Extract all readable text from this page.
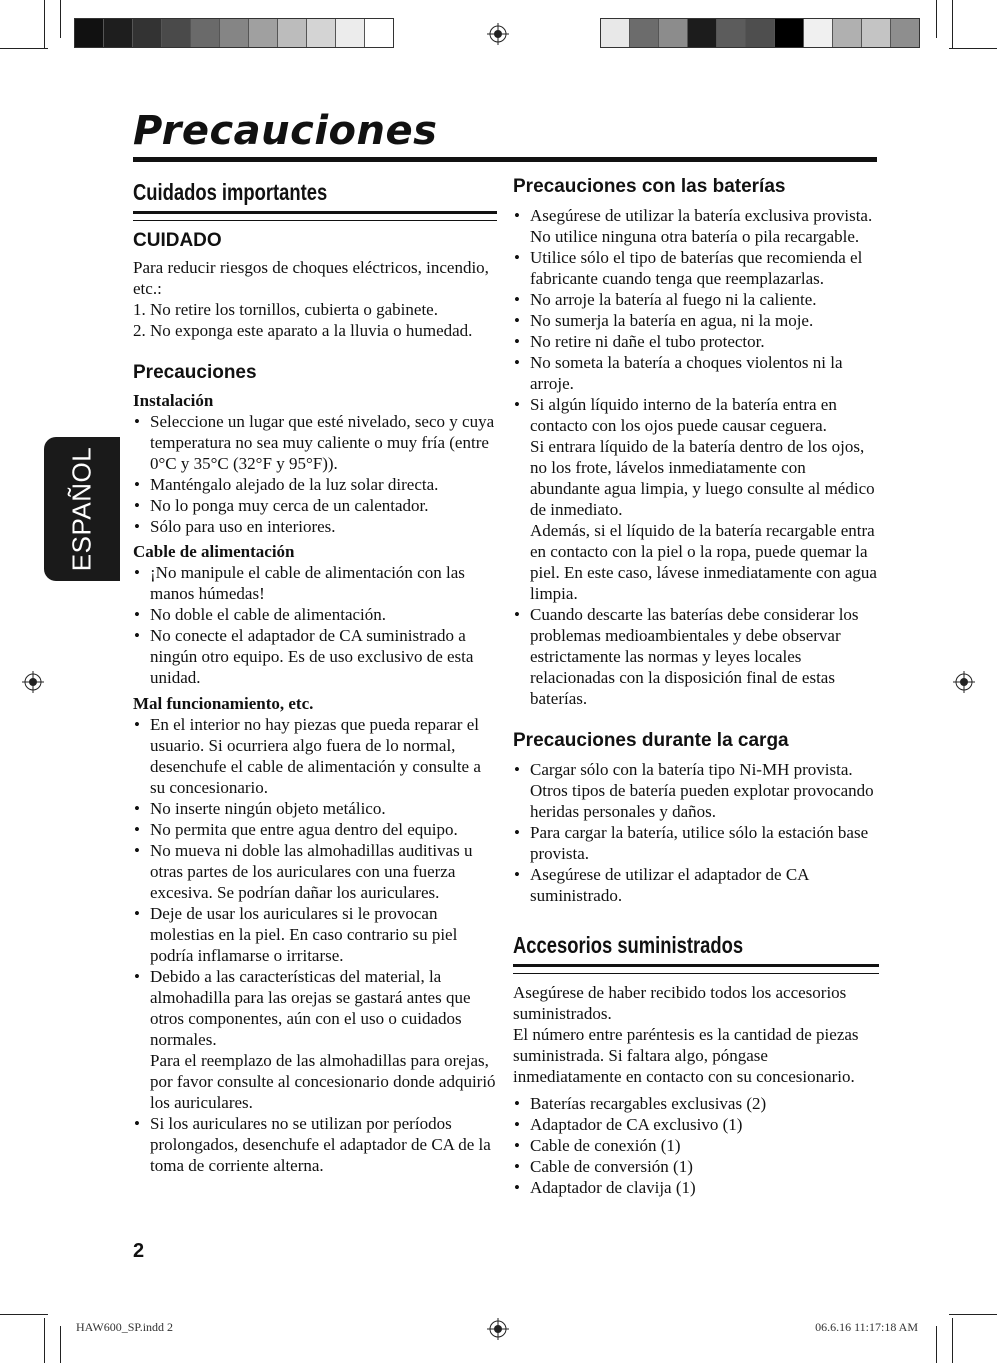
Precauciones
ESPAÑOL
Cuidados importantes
CUIDADO

Para reducir riesgos de choques eléctricos, incendio, etc.:

1. No retire los tornillos, cubierta o gabinete.
2. No exponga este aparato a la lluvia o humedad.
Precauciones
Instalación
• Seleccione un lugar que esté nivelado, seco y cuya temperatura no sea muy caliente o muy fría (entre 0°C y 35°C (32°F y 95°F)).
• Manténgalo alejado de la luz solar directa.
• No lo ponga muy cerca de un calentador.
• Sólo para uso en interiores.
Cable de alimentación
• ¡No manipule el cable de alimentación con las manos húmedas!
• No doble el cable de alimentación.
• No conecte el adaptador de CA suministrado a ningún otro equipo. Es de uso exclusivo de esta unidad.
Mal funcionamiento, etc.
• En el interior no hay piezas que pueda reparar el usuario. Si ocurriera algo fuera de lo normal, desenchufe el cable de alimentación y consulte a su concesionario.
• No inserte ningún objeto metálico.
• No permita que entre agua dentro del equipo.
• No mueva ni doble las almohadillas auditivas u otras partes de los auriculares con una fuerza excesiva. Se podrían dañar los auriculares.
• Deje de usar los auriculares si le provocan molestias en la piel. En caso contrario su piel podría inflamarse o irritarse.
• Debido a las características del material, la almohadilla para las orejas se gastará antes que otros componentes, aún con el uso o cuidados normales.
Para el reemplazo de las almohadillas para orejas, por favor consulte al concesionario donde adquirió los auriculares.
• Si los auriculares no se utilizan por períodos prolongados, desenchufe el adaptador de CA de la toma de corriente alterna.
Precauciones con las baterías
• Asegúrese de utilizar la batería exclusiva provista. No utilice ninguna otra batería o pila recargable.
• Utilice sólo el tipo de baterías que recomienda el fabricante cuando tenga que reemplazarlas.
• No arroje la batería al fuego ni la caliente.
• No sumerja la batería en agua, ni la moje.
• No retire ni dañe el tubo protector.
• No someta la batería a choques violentos ni la arroje.
• Si algún líquido interno de la batería entra en contacto con los ojos puede causar ceguera.
Si entrara líquido de la batería dentro de los ojos, no los frote, lávelos inmediatamente con abundante agua limpia, y luego consulte al médico de inmediato.
Además, si el líquido de la batería recargable entra en contacto con la piel o la ropa, puede quemar la piel. En este caso, lávese inmediatamente con agua limpia.
• Cuando descarte las baterías debe considerar los problemas medioambientales y debe observar estrictamente las normas y leyes locales relacionadas con la disposición final de estas baterías.
Precauciones durante la carga
• Cargar sólo con la batería tipo Ni-MH provista. Otros tipos de batería pueden explotar provocando heridas personales y daños.
• Para cargar la batería, utilice sólo la estación base provista.
• Asegúrese de utilizar el adaptador de CA suministrado.
Accesorios suministrados

Asegúrese de haber recibido todos los accesorios suministrados.

El número entre paréntesis es la cantidad de piezas suministrada. Si faltara algo, póngase inmediatamente en contacto con su concesionario.

• Baterías recargables exclusivas (2)
• Adaptador de CA exclusivo (1)
• Cable de conexión (1)
• Cable de conversión (1)
• Adaptador de clavija (1)
2
HAW600_SP.indd 2	06.6.16 11:17:18 AM
